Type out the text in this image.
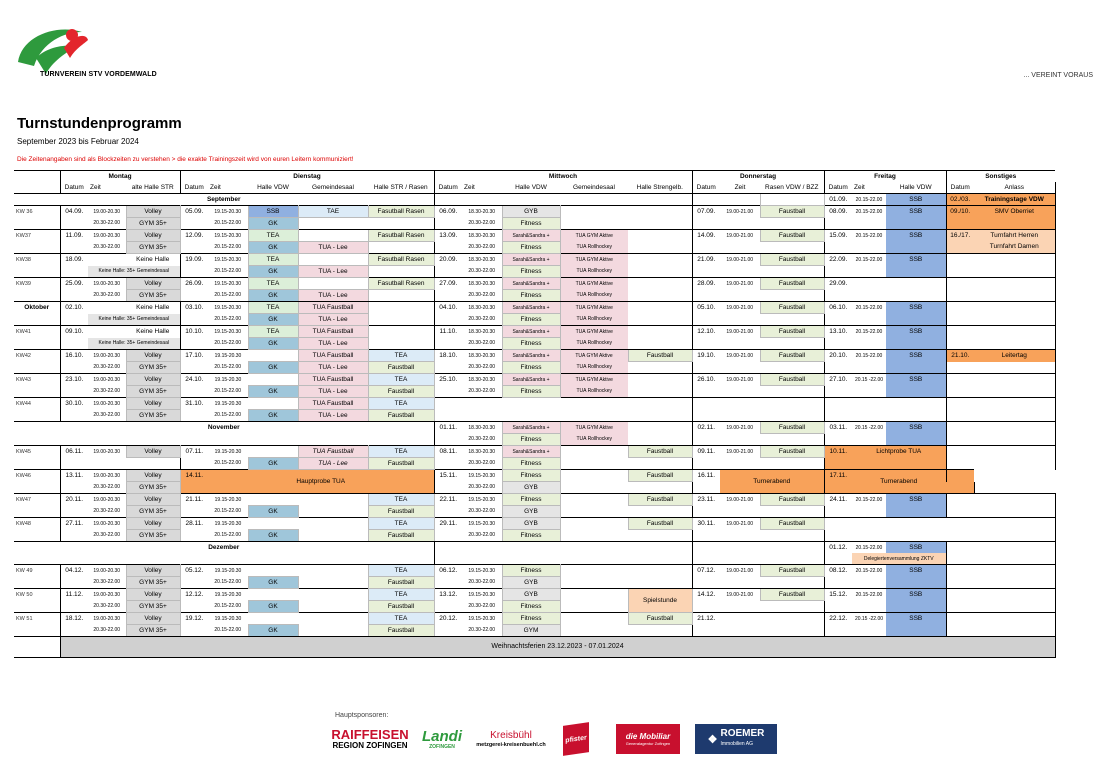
TURNVEREIN STV VORDEMWALD	... VEREINT VORAUS
Turnstundenprogramm
September 2023 bis Februar 2024
Die Zeitenangaben sind als Blockzeiten zu verstehen > die exakte Trainingszeit wird von euren Leitern kommuniziert!
	Montag			Dienstag					Mittwoch					Donnerstag			Freitag			Sonstiges	
	Datum	Zeit	alte Halle STR	Datum	Zeit	Halle VDW	Gemeindesaal	Halle STR / Rasen	Datum	Zeit	Halle VDW	Gemeindesaal	Halle Strengelb.	Datum	Zeit	Rasen VDW / BZZ	Datum	Zeit	Halle VDW	Datum	Anlass
September																	01.09.	20.15-22.00	SSB	02./03.	Trainingstage VDW
KW 36	04.09.	19.00-20.30	Volley	05.09.	19.15-20.30	SSB	TAE	Fasutball Rasen	06.09.	18.30-20.30	GYB			07.09.	19.00-21.00	Faustball	08.09.	20.15-22.00	SSB	09./10.	SMV Oberriet
		20.30-22.00	GYM 35+		20.15-22.00	GK				20.30-22.00	Fitness										
KW37	11.09.	19.00-20.30	Volley	12.09.	19.15-20.30	TEA		Fasutball Rasen	13.09.	18.30-20.30	Sarah&Sandra +	TUA GYM Aktive		14.09.	19.00-21.00	Faustball	15.09.	20.15-22.00	SSB	16./17.	Turnfahrt Herren
		20.30-22.00	GYM 35+		20.15-22.00	GK	TUA - Lee			20.30-22.00	Fitness	TUA Rollhockey									Turnfahrt Damen
KW38	18.09.		Keine Halle	19.09.	19.15-20.30	TEA		Fasutball Rasen	20.09.	18.30-20.30	Sarah&Sandra +	TUA GYM Aktive		21.09.	19.00-21.00	Faustball	22.09.	20.15-22.00	SSB		
		Keine Halle: 35+ Gemeindesaal			20.15-22.00	GK	TUA - Lee			20.30-22.00	Fitness	TUA Rollhockey									
KW39	25.09.	19.00-20.30	Volley	26.09.	19.15-20.30	TEA		Fasutball Rasen	27.09.	18.30-20.30	Sarah&Sandra +	TUA GYM Aktive		28.09.	19.00-21.00	Faustball	29.09.				
		20.30-22.00	GYM 35+		20.15-22.00	GK	TUA - Lee			20.30-22.00	Fitness	TUA Rollhockey									
Oktober	02.10.		Keine Halle	03.10.	19.15-20.30	TEA	TUA Faustball		04.10.	18.30-20.30	Sarah&Sandra +	TUA GYM Aktive		05.10.	19.00-21.00	Faustball	06.10.	20.15-22.00	SSB		
		Keine Halle: 35+ Gemeindesaal			20.15-22.00	GK	TUA - Lee			20.30-22.00	Fitness	TUA Rollhockey									
KW41	09.10.		Keine Halle	10.10.	19.15-20.30	TEA	TUA Faustball		11.10.	18.30-20.30	Sarah&Sandra +	TUA GYM Aktive		12.10.	19.00-21.00	Faustball	13.10.	20.15-22.00	SSB		
		Keine Halle: 35+ Gemeindesaal			20.15-22.00	GK	TUA - Lee			20.30-22.00	Fitness	TUA Rollhockey									
KW42	16.10.	19.00-20.30	Volley	17.10.	19.15-20.30		TUA Faustball	TEA	18.10.	18.30-20.30	Sarah&Sandra +	TUA GYM Aktive	Faustball	19.10.	19.00-21.00	Faustball	20.10.	20.15-22.00	SSB	21.10.	Leitertag
		20.30-22.00	GYM 35+		20.15-22.00	GK	TUA - Lee	Faustball		20.30-22.00	Fitness	TUA Rollhockey									
KW43	23.10.	19.00-20.30	Volley	24.10.	19.15-20.30		TUA Faustball	TEA	25.10.	18.30-20.30	Sarah&Sandra +	TUA GYM Aktive		26.10.	19.00-21.00	Faustball	27.10.	20.15 -22.00	SSB		
		20.30-22.00	GYM 35+		20.15-22.00	GK	TUA - Lee	Faustball		20.30-22.00	Fitness	TUA Rollhockey									
KW44	30.10.	19.00-20.30	Volley	31.10.	19.15-20.30		TUA Faustball	TEA													
		20.30-22.00	GYM 35+		20.15-22.00	GK	TUA - Lee	Faustball													
November									01.11.	18.30-20.30	Sarah&Sandra +	TUA GYM Aktive		02.11.	19.00-21.00	Faustball	03.11.	20.15 -22.00	SSB		
										20.30-22.00	Fitness	TUA Rollhockey									
KW45	06.11.	19.00-20.30	Volley	07.11.	19.15-20.30		TUA Faustball	TEA	08.11.	18.30-20.30	Sarah&Sandra +		Faustball	09.11.	19.00-21.00	Faustball	10.11.	Lichtprobe TUA			
					20.15-22.00	GK	TUA - Lee	Faustball		20.30-22.00	Fitness										
KW46	13.11.	19.00-20.30	Volley	14.11.	Hauptprobe TUA				15.11.	19.15-20.30	Fitness		Faustball	16.11.	Turnerabend		17.11.	Turnerabend			
		20.30-22.00	GYM 35+							20.30-22.00	GYB										
KW47	20.11.	19.00-20.30	Volley	21.11.	19.15-20.30			TEA	22.11.	19.15-20.30	Fitness		Faustball	23.11.	19.00-21.00	Faustball	24.11.	20.15-22.00	SSB		
		20.30-22.00	GYM 35+		20.15-22.00	GK		Faustball		20.30-22.00	GYB										
KW48	27.11.	19.00-20.30	Volley	28.11.	19.15-20.30			TEA	29.11.	19.15-20.30	GYB		Faustball	30.11.	19.00-21.00	Faustball					
		20.30-22.00	GYM 35+		20.15-22.00	GK		Faustball		20.30-22.00	Fitness										
Dezember																	01.12.	20.15-22.00	SSB		
																		Delegiertenversammlung ZKTV			
KW 49	04.12.	19.00-20.30	Volley	05.12.	19.15-20.30			TEA	06.12.	19.15-20.30	Fitness			07.12.	19.00-21.00	Faustball	08.12.	20.15-22.00	SSB		
		20.30-22.00	GYM 35+		20.15-22.00	GK		Faustball		20.30-22.00	GYB										
KW 50	11.12.	19.00-20.30	Volley	12.12.	19.15-20.30			TEA	13.12.	19.15-20.30	GYB		Spielstunde	14.12.	19.00-21.00	Faustball	15.12.	20.15-22.00	SSB		
		20.30-22.00	GYM 35+		20.15-22.00	GK		Faustball		20.30-22.00	Fitness										
KW 51	18.12.	19.00-20.30	Volley	19.12.	19.15-20.30			TEA	20.12.	19.15-20.30	Fitness		Faustball	21.12.			22.12.	20.15 -22.00	SSB		
		20.30-22.00	GYM 35+		20.15-22.00	GK		Faustball		20.30-22.00	GYM										
	Weihnachtsferien 23.12.2023 - 07.01.2024																				
Hauptsponsoren:
RAIFFEISEN
REGION ZOFINGEN
Landi
ZOFINGEN
Kreisbühl
metzgerei-kreisenbuehl.ch
pfister	die Mobiliar
Generalagentur Zofingen	❖ ROEMER
Immobilien AG
